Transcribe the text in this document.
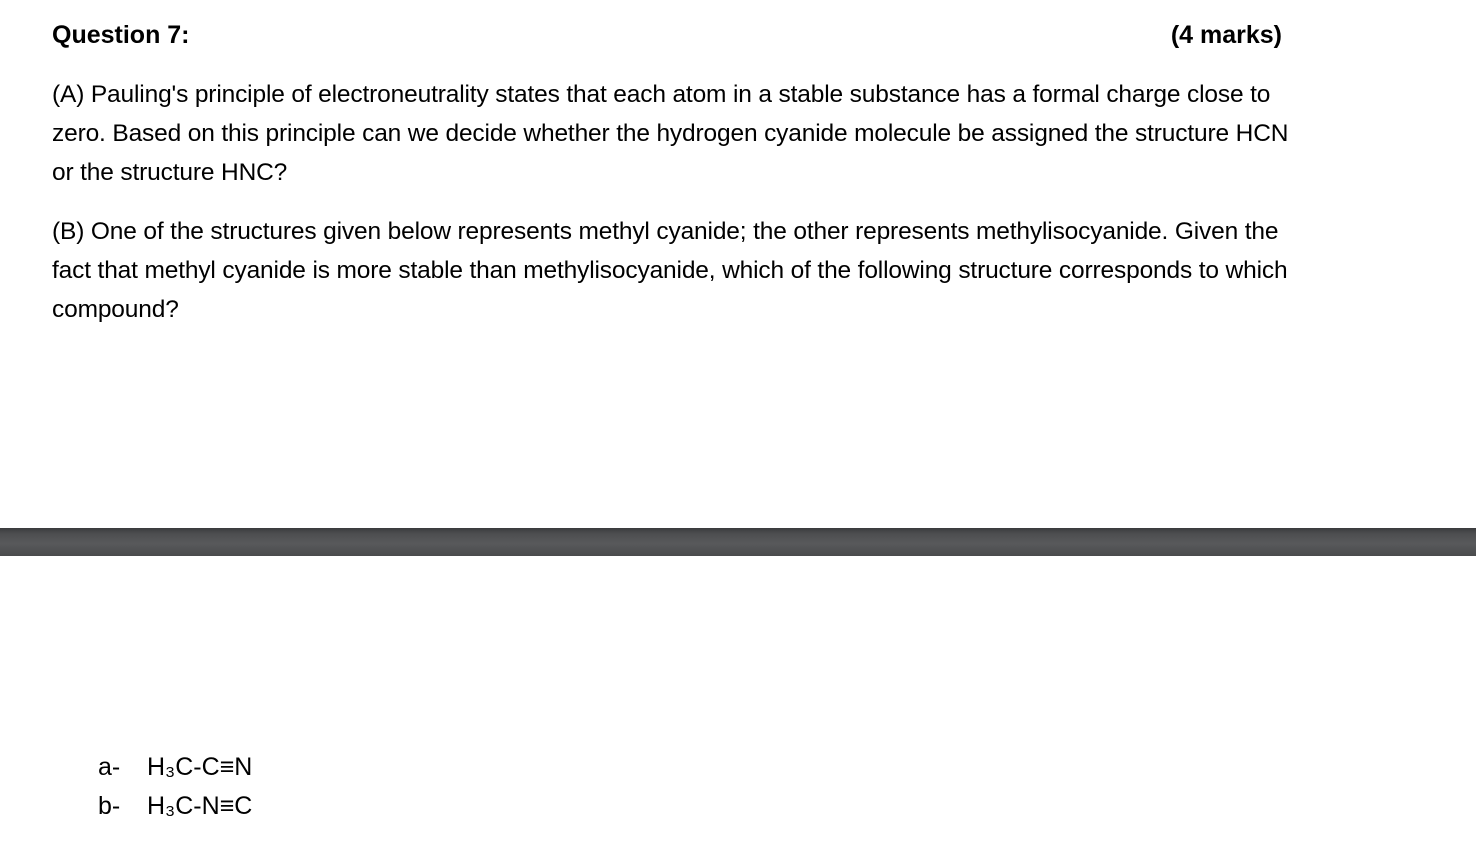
Question 7:	(4 marks)
(A) Pauling's principle of electroneutrality states that each atom in a stable substance has a formal charge close to zero. Based on this principle can we decide whether the hydrogen cyanide molecule be assigned the structure HCN or the structure HNC?
(B) One of the structures given below represents methyl cyanide; the other represents methylisocyanide. Given the fact that methyl cyanide is more stable than methylisocyanide, which of the following structure corresponds to which compound?
a- H₃C-C≡N
b- H₃C-N≡C
